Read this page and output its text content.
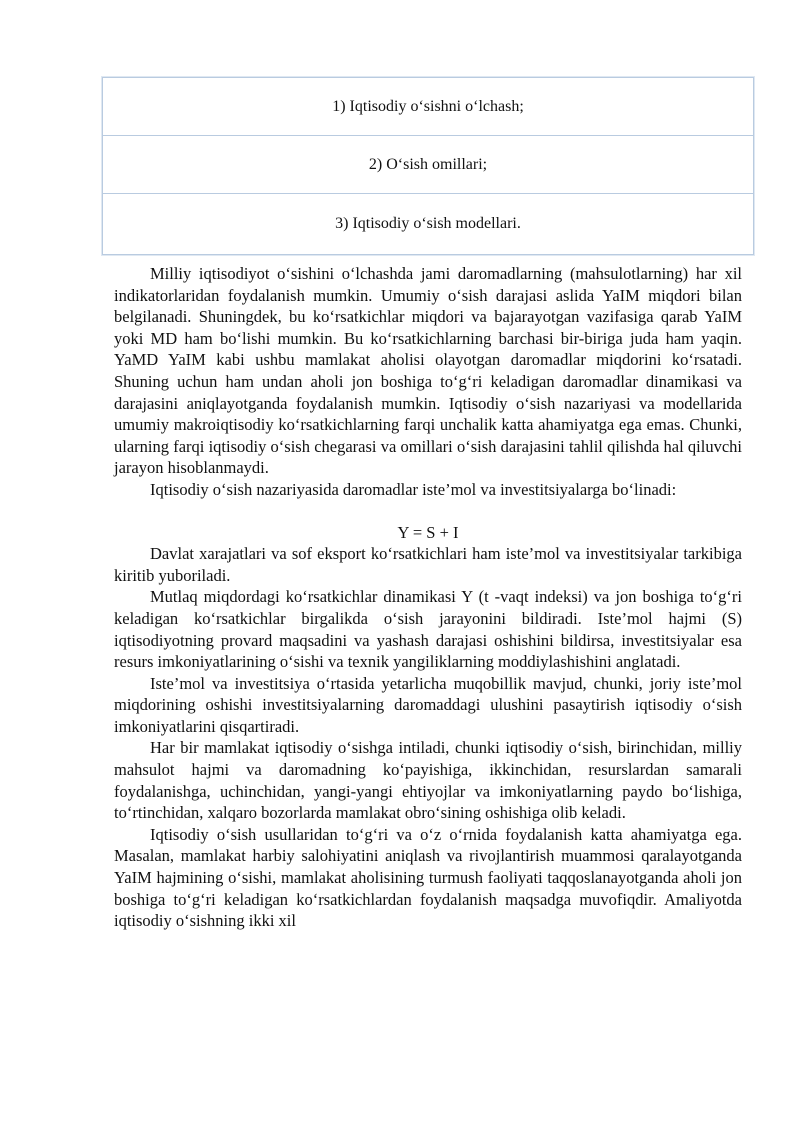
1) Iqtisodiy o‘sishni o‘lchash;
2) O‘sish omillari;
3) Iqtisodiy o‘sish modellari.

Milliy iqtisodiyot o‘sishini o‘lchashda jami daromadlarning (mahsulotlarning) har xil indikatorlaridan foydalanish mumkin. Umumiy o‘sish darajasi aslida YaIM miqdori bilan belgilanadi. Shuningdek, bu ko‘rsatkichlar miqdori va bajarayotgan vazifasiga qarab YaIM yoki MD ham bo‘lishi mumkin. Bu ko‘rsatkichlarning barchasi bir-biriga juda ham yaqin. YaMD YaIM kabi ushbu mamlakat aholisi olayotgan daromadlar miqdorini ko‘rsatadi. Shuning uchun ham undan aholi jon boshiga to‘g‘ri keladigan daromadlar dinamikasi va darajasini aniqlayotganda foydalanish mumkin. Iqtisodiy o‘sish nazariyasi va modellarida umumiy makroiqtisodiy ko‘rsatkichlarning farqi unchalik katta ahamiyatga ega emas. Chunki, ularning farqi iqtisodiy o‘sish chegarasi va omillari o‘sish darajasini tahlil qilishda hal qiluvchi jarayon hisoblanmaydi.

Iqtisodiy o‘sish nazariyasida daromadlar iste’mol va investitsiyalarga bo‘linadi:

Y = S + I

Davlat xarajatlari va sof eksport ko‘rsatkichlari ham iste’mol va investitsiyalar tarkibiga kiritib yuboriladi.

Mutlaq miqdordagi ko‘rsatkichlar dinamikasi Y (t -vaqt indeksi) va jon boshiga to‘g‘ri keladigan ko‘rsatkichlar birgalikda o‘sish jarayonini bildiradi. Iste’mol hajmi (S) iqtisodiyotning provard maqsadini va yashash darajasi oshishini bildirsa, investitsiyalar esa resurs imkoniyatlarining o‘sishi va texnik yangiliklarning moddiylashishini anglatadi.

Iste’mol va investitsiya o‘rtasida yetarlicha muqobillik mavjud, chunki, joriy iste’mol miqdorining oshishi investitsiyalarning daromaddagi ulushini pasaytirish iqtisodiy o‘sish imkoniyatlarini qisqartiradi.

Har bir mamlakat iqtisodiy o‘sishga intiladi, chunki iqtisodiy o‘sish, birinchidan, milliy mahsulot hajmi va daromadning ko‘payishiga, ikkinchidan, resurslardan samarali foydalanishga, uchinchidan, yangi-yangi ehtiyojlar va imkoniyatlarning paydo bo‘lishiga, to‘rtinchidan, xalqaro bozorlarda mamlakat obro‘sining oshishiga olib keladi.

Iqtisodiy o‘sish usullaridan to‘g‘ri va o‘z o‘rnida foydalanish katta ahamiyatga ega. Masalan, mamlakat harbiy salohiyatini aniqlash va rivojlantirish muammosi qaralayotganda YaIM hajmining o‘sishi, mamlakat aholisining turmush faoliyati taqqoslanayotganda aholi jon boshiga to‘g‘ri keladigan ko‘rsatkichlardan foydalanish maqsadga muvofiqdir. Amaliyotda iqtisodiy o‘sishning ikki xil
